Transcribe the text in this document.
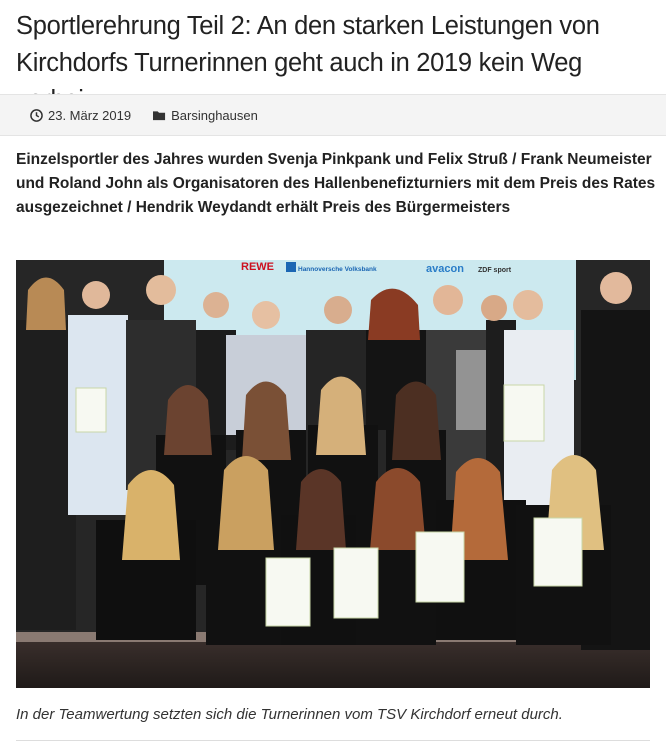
Sportlerehrung Teil 2: An den starken Leistungen von Kirchdorfs Turnerinnen geht auch in 2019 kein Weg
23. März 2019	Barsinghausen

Einzelsportler des Jahres wurden Svenja Pinkpank und Felix Struß / Frank Neumeister und Roland John als Organisatoren des Hallenbenefizturniers mit dem Preis des Rates ausgezeichnet / Hendrik Weydandt erhält Preis des Bürgermeisters

REWE	Hannoversche Volksbank	avacon ZDF sport

In der Teamwertung setzten sich die Turnerinnen vom TSV Kirchdorf erneut durch.
